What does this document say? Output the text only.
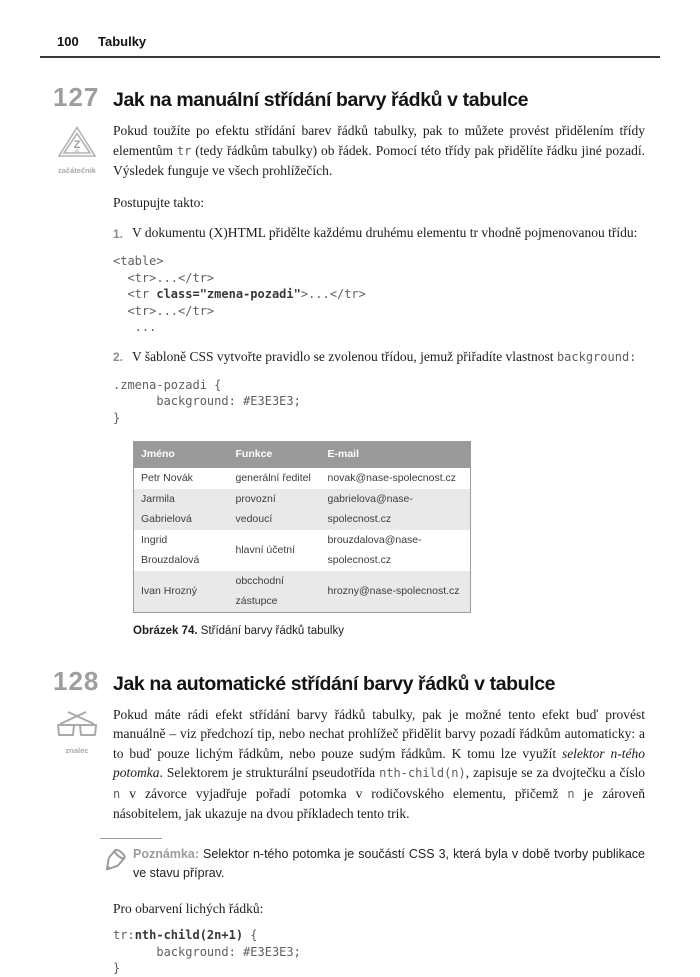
100	Tabulky
127 Jak na manuální střídání barvy řádků v tabulce
Z
začátečník

Pokud toužíte po efektu střídání barev řádků tabulky, pak to můžete provést přidělením třídy elementům tr (tedy řádkům tabulky) ob řádek. Pomocí této třídy pak přidělíte řádku jiné pozadí. Výsledek funguje ve všech prohlížečích.

Postupujte takto:

1. V dokumentu (X)HTML přidělte každému druhému elementu tr vhodně pojmenovanou třídu:
<table>
<tr>...</tr>
<tr class="zmena-pozadi">...</tr>
<tr>...</tr>
...
2. V šabloně CSS vytvořte pravidlo se zvolenou třídou, jemuž přiřadíte vlastnost background:
.zmena-pozadi {
background: #E3E3E3;
}
Jméno	Funkce	E-mail
Petr Novák	generální ředitel	novak@nase-spolecnost.cz
Jarmila Gabrielová	provozní vedoucí	gabrielova@nase-spolecnost.cz
Ingrid Brouzdalová	hlavní účetní	brouzdalova@nase-spolecnost.cz
Ivan Hrozný	obcchodní zástupce	hrozny@nase-spolecnost.cz

Obrázek 74. Střídání barvy řádků tabulky

128 Jak na automatické střídání barvy řádků v tabulce
znalec

Pokud máte rádi efekt střídání barvy řádků tabulky, pak je možné tento efekt buď provést manuálně – viz předchozí tip, nebo nechat prohlížeč přidělit barvy pozadí řádkům automaticky: a to buď pouze lichým řádkům, nebo pouze sudým řádkům. K tomu lze využít selektor n-tého potomka. Selektorem je strukturální pseudotřída nth-child(n), zapisuje se za dvojtečku a číslo n v závorce vyjadřuje pořadí potomka v rodičovského elementu, přičemž n je zároveň násobitelem, jak ukazuje na dvou příkladech tento trik.

Poznámka: Selektor n-tého potomka je součástí CSS 3, která byla v době tvorby publikace ve stavu příprav.

Pro obarvení lichých řádků:

tr:nth-child(2n+1) {
background: #E3E3E3;
}
